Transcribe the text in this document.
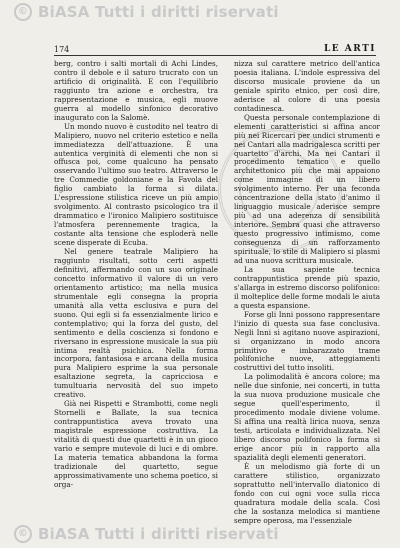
© BiASA Tutti i diritti riservati
174	LE ARTI

berg, contro i salti mortali di Achi Lindes, contro il debole e il saturo trucrato con un artificio di originalità. E con l'equilibrio raggiunto tra azione e orchestra, tra rappresentazione e musica, egli muove guerra al modello sinfonico decorativo inaugurato con la Salomè.

Un mondo nuovo è custodito nel teatro di Malipiero, nuovo nel criterio estetico e nella immediatezza dell'attuazione. È una autentica verginità di elementi che non si offusca poi, come qualcuno ha pensato osservando l'ultimo suo teatro. Attraverso le tre Commedie goldoniane e la Favola del figlio cambiato la forma si dilata. L'espressione stilistica riceve un più ampio svolgimento. Al contrasto psicologico tra il drammatico e l'ironico Malipiero sostituisce l'atmosfera perennemente tragica, la costante alta tensione che esploderà nelle scene disperate di Ecuba.

Nel genere teatrale Malipiero ha raggiunto risultati, sotto certi aspetti definitivi, affermando con un suo originale concetto informativo il valore di un vero orientamento artistico; ma nella musica strumentale egli consegna la propria umanità alla vetta esclusiva e pura del suono. Qui egli si fa essenzialmente lirico e contemplativo; qui la forza del gusto, del sentimento e della coscienza si fondono e riversano in espressione musicale la sua più intima realtà psichica. Nella forma incorpora, fantasiosa e arcana della musica pura Malipiero esprime la sua personale esaltazione segreta, la capricciosa e tumultuaria nervosità del suo impeto creativo.

Già nei Rispetti e Strambotti, come negli Stornelli e Ballate, la sua tecnica contrappuntistica aveva trovato una magistrale espressione costruttiva. La vitalità di questi due quartetti è in un gioco vario e sempre mutevole di luci e di ombre. La materia tematica abbandona la forma tradizionale del quartetto, segue approssimativamente uno schema poetico, si orga-

nizza sul carattere metrico dell'antica poesia italiana. L'indole espressiva del discorso musicale proviene da un geniale spirito etnico, per così dire, aderisce al colore di una poesia contadinesca.

Questa personale contemplazione di elementi caratteristici si affina ancor più nei Ricercari per undici strumenti e nei Cantari alla madrigalesca scritti per quartetto d'archi. Ma nei Cantari il procedimento tematico e quello architettonico più che mai appaiono come immagine di un libero svolgimento interno. Per una feconda concentrazione della stato d'animo il linguaggio musicale aderisce sempre più ad una aderenza di sensibilità interiore. Sembra quasi che attraverso questo progressivo intimismo, come conseguenza di un rafforzamento spirituale, lo stile di Malipiero si plasmi ad una nuova scrittura musicale.

La sua sapiente tecnica contrappuntistica prende più spazio, s'allarga in estremo discorso polifonico: il molteplice delle forme modali le aiuta a questa espansione.

Forse gli Inni possono rappresentare l'inizio di questa sua fase conclusiva. Negli Inni si agitano nuove aspirazioni, si organizzano in modo ancora primitivo e imbarazzato trame polifoniche nuove, atteggiamenti costruttivi del tutto insoliti.

La polimodalità è ancora colore; ma nelle due sinfonie, nei concerti, in tutta la sua nuova produzione musicale che segue quell'esperimento, il procedimento modale diviene volume. Si affina una realtà lirica nuova, senza testi, articolata e individualizzata. Nel libero discorso polifonico la forma si erige ancor più in rapporto alla spazialità degli elementi generatori.

È un melodismo già forte di un carattere stilistico, organizzato soprattutto nell'intervallo diatonico di fondo con cui ogni voce sulla ricca quadratura modale della scala. Così che la sostanza melodica si mantiene sempre operosa, ma l'essenziale

© BiASA Tutti i diritti riservati
